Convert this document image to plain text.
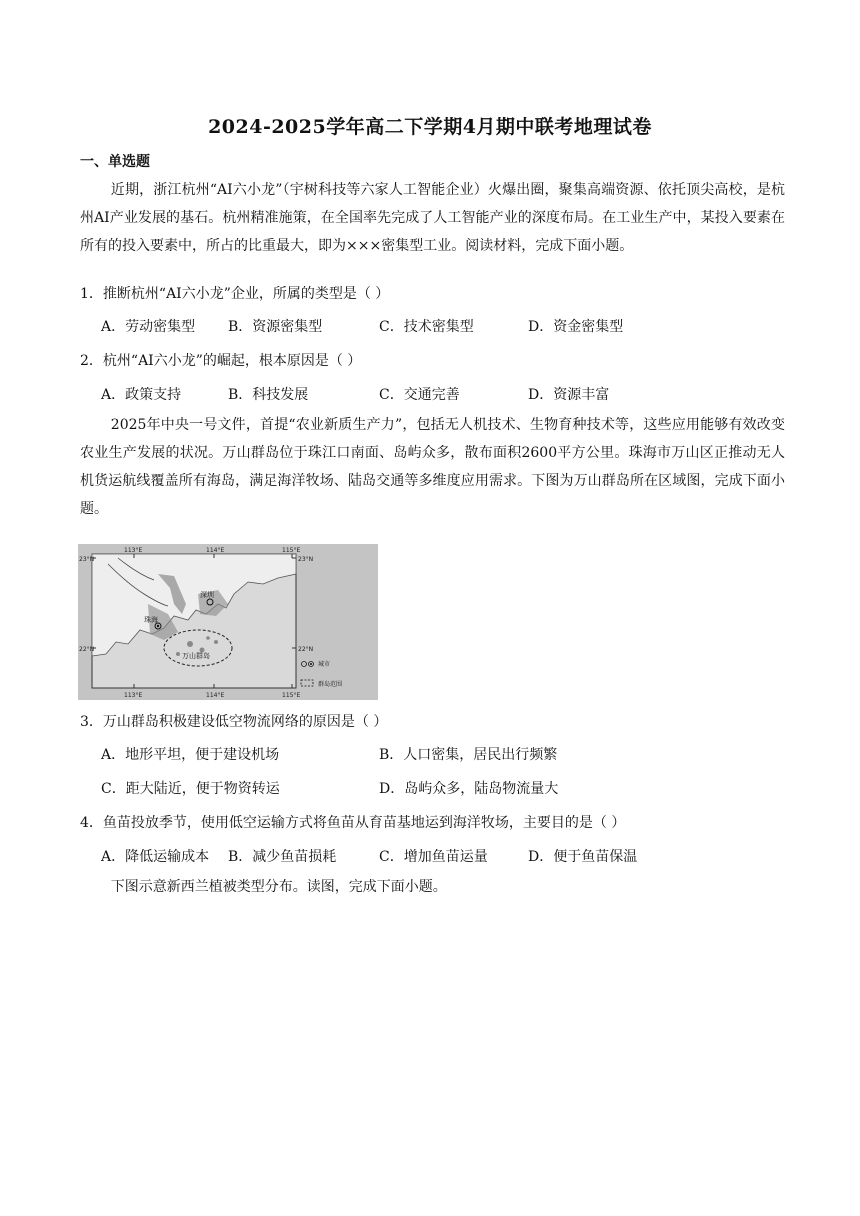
2024-2025学年高二下学期4月期中联考地理试卷
一、单选题
近期，浙江杭州“AI六小龙”（宇树科技等六家人工智能企业）火爆出圈，聚集高端资源、依托顶尖高校，是杭州AI产业发展的基石。杭州精准施策，在全国率先完成了人工智能产业的深度布局。在工业生产中，某投入要素在所有的投入要素中，所占的比重最大，即为×××密集型工业。阅读材料，完成下面小题。
1．推断杭州“AI六小龙”企业，所属的类型是（ ）
A．劳动密集型 B．资源密集型	C．技术密集型	D．资金密集型
2．杭州“AI六小龙”的崛起，根本原因是（ ）
A．政策支持	B．科技发展	C．交通完善	D．资源丰富
2025年中央一号文件，首提“农业新质生产力”，包括无人机技术、生物育种技术等，这些应用能够有效改变农业生产发展的状况。万山群岛位于珠江口南面、岛屿众多，散布面积2600平方公里。珠海市万山区正推动无人机货运航线覆盖所有海岛，满足海洋牧场、陆岛交通等多维度应用需求。下图为万山群岛所在区域图，完成下面小题。
113°E	114°E	115°E
113°E	114°E	115°E
23°N
22°N
23°N
22°N
深圳
珠海
万山群岛
城市
群岛范围
3．万山群岛积极建设低空物流网络的原因是（ ）
A．地形平坦，便于建设机场	B．人口密集，居民出行频繁
C．距大陆近，便于物资转运	D．岛屿众多，陆岛物流量大
4．鱼苗投放季节，使用低空运输方式将鱼苗从育苗基地运到海洋牧场，主要目的是（ ）
A．降低运输成本 B．减少鱼苗损耗	C．增加鱼苗运量	D．便于鱼苗保温
下图示意新西兰植被类型分布。读图，完成下面小题。
